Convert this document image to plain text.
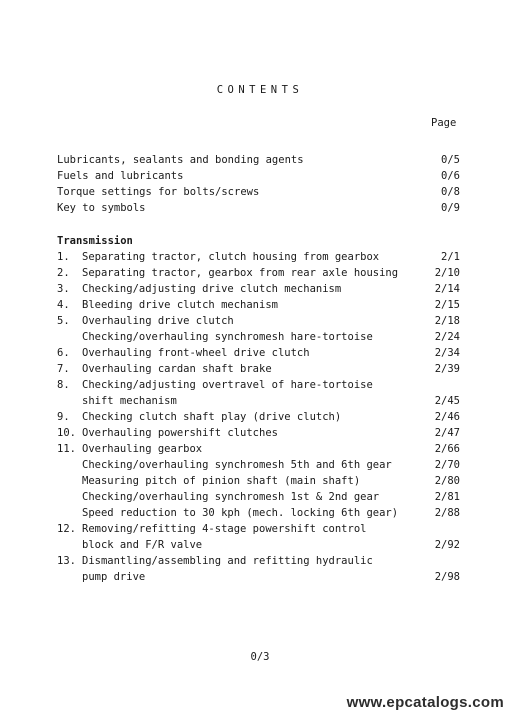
CONTENTS
Page
Lubricants, sealants and bonding agents	0/5
Fuels and lubricants	0/6
Torque settings for bolts/screws	0/8
Key to symbols	0/9
Transmission
1. Separating tractor, clutch housing from gearbox	2/1
2. Separating tractor, gearbox from rear axle housing	2/10
3. Checking/adjusting drive clutch mechanism	2/14
4. Bleeding drive clutch mechanism	2/15
5. Overhauling drive clutch	2/18
Checking/overhauling synchromesh hare-tortoise	2/24
6. Overhauling front-wheel drive clutch	2/34
7. Overhauling cardan shaft brake	2/39
8. Checking/adjusting overtravel of hare-tortoise
shift mechanism	2/45
9. Checking clutch shaft play (drive clutch)	2/46
10. Overhauling powershift clutches	2/47
11. Overhauling gearbox	2/66
Checking/overhauling synchromesh 5th and 6th gear	2/70
Measuring pitch of pinion shaft (main shaft)	2/80
Checking/overhauling synchromesh 1st & 2nd gear	2/81
Speed reduction to 30 kph (mech. locking 6th gear)	2/88
12. Removing/refitting 4-stage powershift control
block and F/R valve	2/92
13. Dismantling/assembling and refitting hydraulic
pump drive	2/98
0/3
www.epcatalogs.com
